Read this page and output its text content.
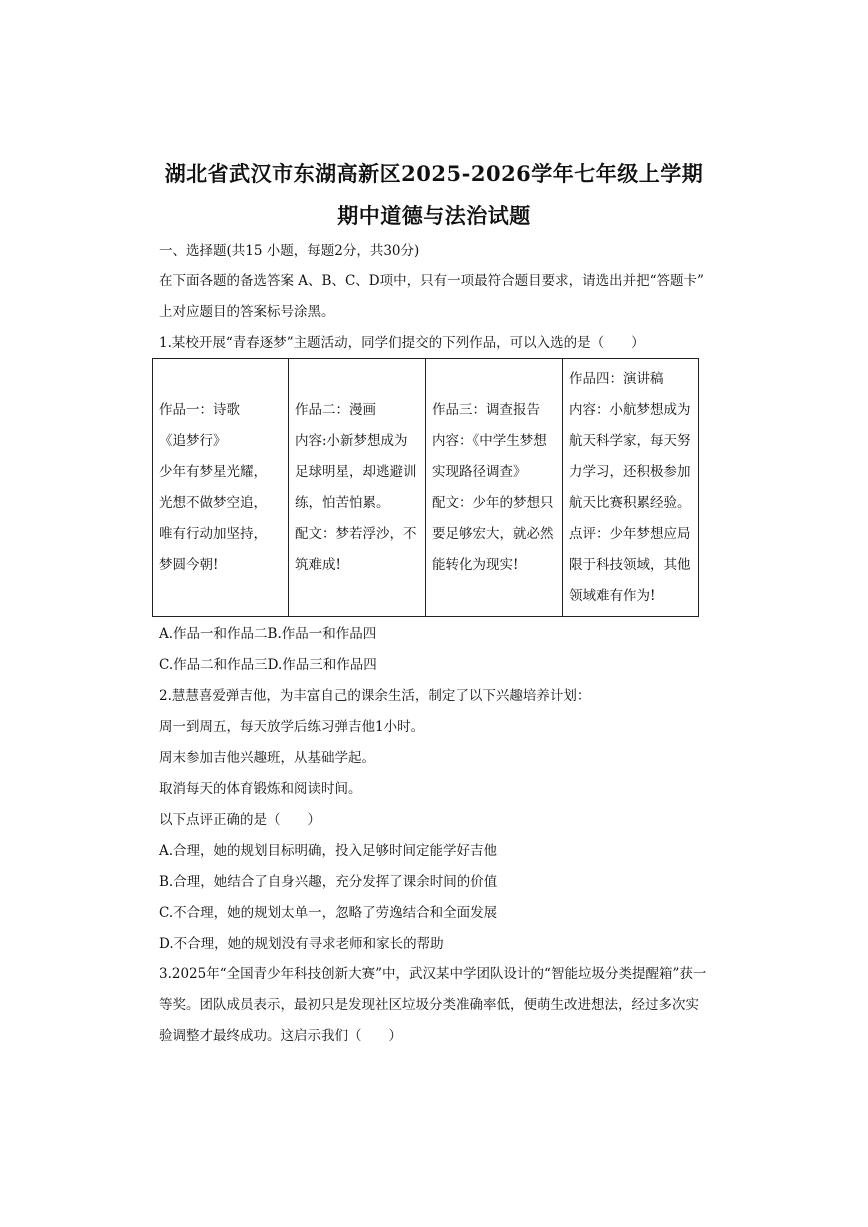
湖北省武汉市东湖高新区2025-2026学年七年级上学期
期中道德与法治试题
一、选择题(共15 小题，每题2分，共30分)
在下面各题的备选答案 A、B、C、D项中，只有一项最符合题目要求，请选出并把“答题卡”
上对应题目的答案标号涂黑。
1.某校开展“青春逐梦”主题活动，同学们提交的下列作品，可以入选的是（　　）
作品一：诗歌
《追梦行》
少年有梦星光耀，
光想不做梦空追，
唯有行动加坚持，
梦圆今朝!

作品二：漫画
内容:小新梦想成为
足球明星，却逃避训
练，怕苦怕累。
配文：梦若浮沙，不
筑难成!

作品三：调查报告
内容：《中学生梦想
实现路径调查》
配文：少年的梦想只
要足够宏大，就必然
能转化为现实!

作品四：演讲稿
内容：小航梦想成为
航天科学家，每天努
力学习，还积极参加
航天比赛积累经验。
点评：少年梦想应局
限于科技领域，其他
领域难有作为!
A.作品一和作品二B.作品一和作品四
C.作品二和作品三D.作品三和作品四
2.慧慧喜爱弹吉他，为丰富自己的课余生活，制定了以下兴趣培养计划：
周一到周五，每天放学后练习弹吉他1小时。
周末参加吉他兴趣班，从基础学起。
取消每天的体育锻炼和阅读时间。
以下点评正确的是（　　）
A.合理，她的规划目标明确，投入足够时间定能学好吉他
B.合理，她结合了自身兴趣，充分发挥了课余时间的价值
C.不合理，她的规划太单一，忽略了劳逸结合和全面发展
D.不合理，她的规划没有寻求老师和家长的帮助
3.2025年“全国青少年科技创新大赛”中，武汉某中学团队设计的“智能垃圾分类提醒箱”获一
等奖。团队成员表示，最初只是发现社区垃圾分类准确率低，便萌生改进想法，经过多次实
验调整才最终成功。这启示我们（　　）
